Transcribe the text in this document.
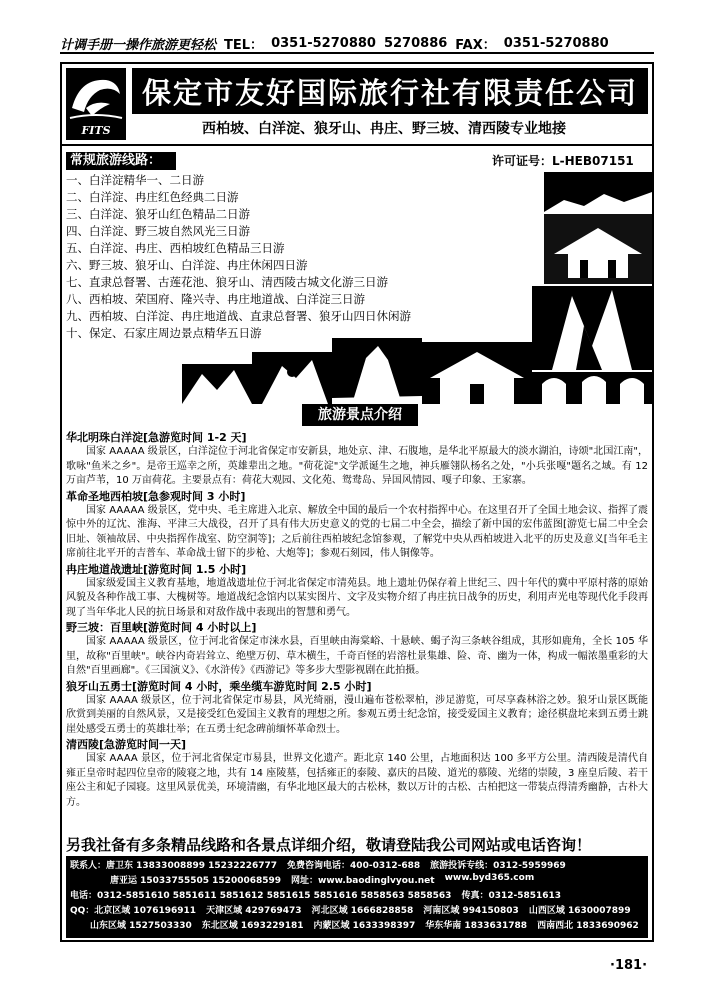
计调手册一操作旅游更轻松 TEL： 0351-5270880 5270886 FAX： 0351-5270880
FITS
保定市友好国际旅行社有限责任公司
西柏坡、白洋淀、狼牙山、冉庄、野三坡、清西陵专业地接
常规旅游线路：	许可证号：L-HEB07151
一、白洋淀精华一、二日游
二、白洋淀、冉庄红色经典二日游
三、白洋淀、狼牙山红色精品二日游
四、白洋淀、野三坡自然风光三日游
五、白洋淀、冉庄、西柏坡红色精品三日游
六、野三坡、狼牙山、白洋淀、冉庄休闲四日游
七、直隶总督署、古莲花池、狼牙山、清西陵古城文化游三日游
八、西柏坡、荣国府、隆兴寺、冉庄地道战、白洋淀三日游
九、西柏坡、白洋淀、冉庄地道战、直隶总督署、狼牙山四日休闲游
十、保定、石家庄周边景点精华五日游
旅游景点介绍
华北明珠白洋淀[急游览时间 1-2 天]
国家 AAAAA 级景区，白洋淀位于河北省保定市安新县，地处京、津、石腹地，是华北平原最大的淡水湖泊，诗颂"北国江南"，歌咏"鱼米之乡"。是帝王巡幸之所，英雄辈出之地。"荷花淀"文学派诞生之地，神兵雁翎队杨名之处，"小兵张嘎"题名之域。有 12 万亩芦苇，10 万亩荷花。主要景点有：荷花大观园、文化苑、鸳鸯岛、异国风情园、嘎子印象、王家寨。
革命圣地西柏坡[急参观时间 3 小时]
国家 AAAAA 级景区，党中央、毛主席进入北京、解放全中国的最后一个农村指挥中心。在这里召开了全国土地会议、指挥了震惊中外的辽沈、淮海、平津三大战役，召开了具有伟大历史意义的党的七届二中全会，描绘了新中国的宏伟蓝图[游览七届二中全会旧址、领袖故居、中央指挥作战室、防空洞等]；之后前往西柏坡纪念馆参观，了解党中央从西柏坡进入北平的历史及意义[当年毛主席前往北平开的吉普车、革命战士留下的步枪、大炮等]；参观石刻园，伟人铜像等。
冉庄地道战遗址[游览时间 1.5 小时]
国家级爱国主义教育基地，地道战遗址位于河北省保定市清苑县。地上遗址仍保存着上世纪三、四十年代的冀中平原村落的原始风貌及各种作战工事、大槐树等。地道战纪念馆内以某实图片、文字及实物介绍了冉庄抗日战争的历史，利用声光电等现代化手段再现了当年华北人民的抗日场景和对敌作战中表现出的智慧和勇气。
野三坡：百里峡[游览时间 4 小时以上]
国家 AAAAA 级景区，位于河北省保定市涞水县，百里峡由海棠峪、十悬峡、蝎子沟三条峡谷组成，其形如鹿角，全长 105 华里，故称"百里峡"。峡谷内奇岩耸立、绝壁万仞、草木横生，千奇百怪的岩溶杜景集雄、险、奇、幽为一体，构成一幅浓墨重彩的大自然"百里画廊"。《三国演义》、《水浒传》《西游记》等多步大型影视剧在此拍摄。
狼牙山五勇士[游览时间 4 小时，乘坐缆车游览时间 2.5 小时]
国家 AAAA 级景区，位于河北省保定市易县，风光绮丽，漫山遍布苍松翠柏，涉足游览，可尽享森林浴之妙。狼牙山景区既能欣赏到美丽的自然风景，又是接受红色爱国主义教育的理想之所。参观五勇士纪念馆，接受爱国主义教育；途径棋盘坨来到五勇士跳崖处感受五勇士的英雄壮举；在五勇士纪念碑前缅怀革命烈士。
清西陵[急游览时间一天]
国家 AAAA 景区，位于河北省保定市易县，世界文化遗产。距北京 140 公里，占地面积达 100 多平方公里。清西陵是清代自雍正皇帝时起四位皇帝的陵寝之地，共有 14 座陵墓，包括雍正的泰陵、嘉庆的昌陵、道光的慕陵、光绪的崇陵，3 座皇后陵、若干座公主和妃子园寝。这里风景优美，环境清幽，有华北地区最大的古松林，数以万计的古松、古柏把这一带装点得清秀幽静，古朴大方。
另我社备有多条精品线路和各景点详细介绍，敬请登陆我公司网站或电话咨询！
联系人：唐卫东 13833008899 15232226777 免费咨询电话：400-0312-688 旅游投诉专线：0312-5959969
唐亚运 15033755505 15200068599 网址：www.baodinglvyou.net www.byd365.com
电话：0312-5851610 5851611 5851612 5851615 5851616 5858563 5858563 传真：0312-5851613
QQ：北京区域 1076196911 天津区域 429769473 河北区域 1666828858 河南区域 994150803 山西区域 1630007899
山东区域 1527503330 东北区域 1693229181 内蒙区域 1633398397 华东华南 1833631788 西南西北 1833690962
·181·
